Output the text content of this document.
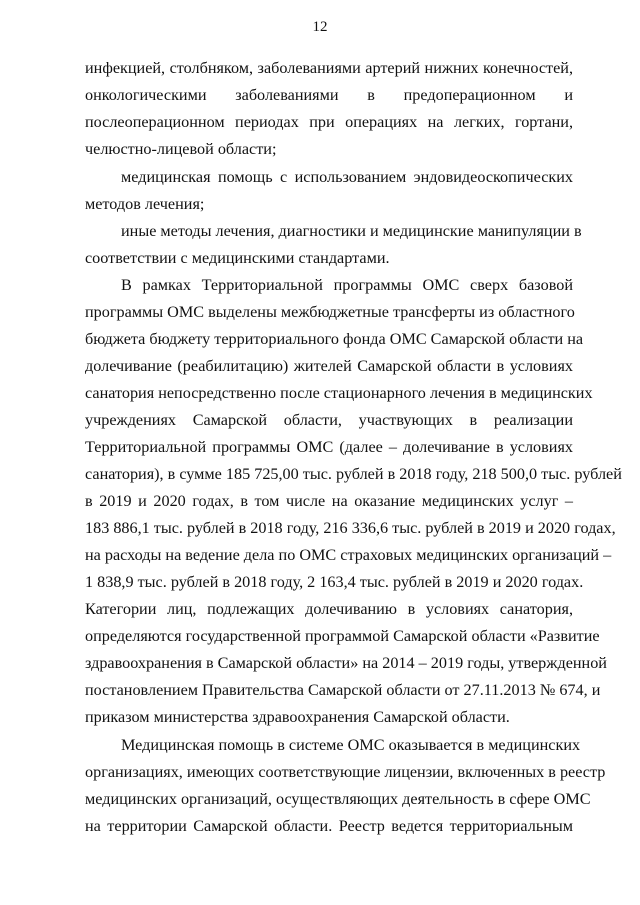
12
инфекцией, столбняком, заболеваниями артерий нижних конечностей,
онкологическими заболеваниями в предоперационном и
послеоперационном периодах при операциях на легких, гортани,
челюстно-лицевой области;
медицинская помощь с использованием эндовидеоскопических
методов лечения;
иные методы лечения, диагностики и медицинские манипуляции в
соответствии с медицинскими стандартами.
В рамках Территориальной программы ОМС сверх базовой
программы ОМС выделены межбюджетные трансферты из областного
бюджета бюджету территориального фонда ОМС Самарской области на
долечивание (реабилитацию) жителей Самарской области в условиях
санатория непосредственно после стационарного лечения в медицинских
учреждениях Самарской области, участвующих в реализации
Территориальной программы ОМС (далее – долечивание в условиях
санатория), в сумме 185 725,00 тыс. рублей в 2018 году, 218 500,0 тыс. рублей
в 2019 и 2020 годах, в том числе на оказание медицинских услуг –
183 886,1 тыс. рублей в 2018 году, 216 336,6 тыс. рублей в 2019 и 2020 годах,
на расходы на ведение дела по ОМС страховых медицинских организаций –
1 838,9 тыс. рублей в 2018 году, 2 163,4 тыс. рублей в 2019 и 2020 годах.
Категории лиц, подлежащих долечиванию в условиях санатория,
определяются государственной программой Самарской области «Развитие
здравоохранения в Самарской области» на 2014 – 2019 годы, утвержденной
постановлением Правительства Самарской области от 27.11.2013 № 674, и
приказом министерства здравоохранения Самарской области.
Медицинская помощь в системе ОМС оказывается в медицинских
организациях, имеющих соответствующие лицензии, включенных в реестр
медицинских организаций, осуществляющих деятельность в сфере ОМС
на территории Самарской области. Реестр ведется территориальным
